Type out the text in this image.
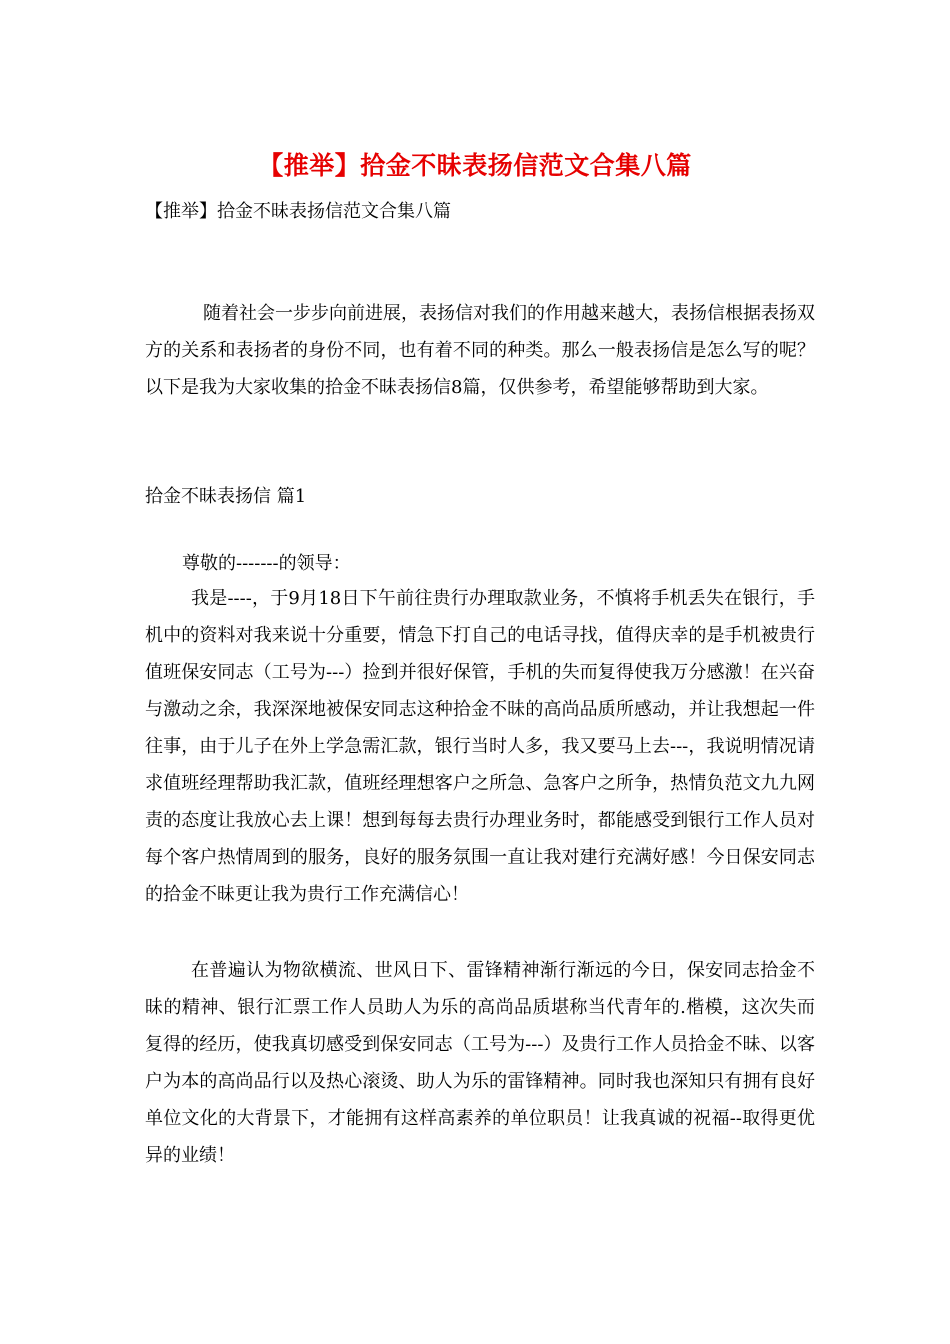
【推举】拾金不昧表扬信范文合集八篇
【推举】拾金不昧表扬信范文合集八篇

随着社会一步步向前进展，表扬信对我们的作用越来越大，表扬信根据表扬双方的关系和表扬者的身份不同，也有着不同的种类。那么一般表扬信是怎么写的呢？以下是我为大家收集的拾金不昧表扬信8篇，仅供参考，希望能够帮助到大家。

拾金不昧表扬信 篇1
尊敬的-------的领导：

我是----，于9月18日下午前往贵行办理取款业务，不慎将手机丢失在银行，手机中的资料对我来说十分重要，情急下打自己的电话寻找，值得庆幸的是手机被贵行值班保安同志（工号为---）捡到并很好保管，手机的失而复得使我万分感激！在兴奋与激动之余，我深深地被保安同志这种拾金不昧的高尚品质所感动，并让我想起一件往事，由于儿子在外上学急需汇款，银行当时人多，我又要马上去---，我说明情况请求值班经理帮助我汇款，值班经理想客户之所急、急客户之所争，热情负范文九九网责的态度让我放心去上课！想到每每去贵行办理业务时，都能感受到银行工作人员对每个客户热情周到的服务，良好的服务氛围一直让我对建行充满好感！今日保安同志的拾金不昧更让我为贵行工作充满信心！

在普遍认为物欲横流、世风日下、雷锋精神渐行渐远的今日，保安同志拾金不昧的精神、银行汇票工作人员助人为乐的高尚品质堪称当代青年的.楷模，这次失而复得的经历，使我真切感受到保安同志（工号为---）及贵行工作人员拾金不昧、以客户为本的高尚品行以及热心滚烫、助人为乐的雷锋精神。同时我也深知只有拥有良好单位文化的大背景下，才能拥有这样高素养的单位职员！让我真诚的祝福--取得更优异的业绩！
